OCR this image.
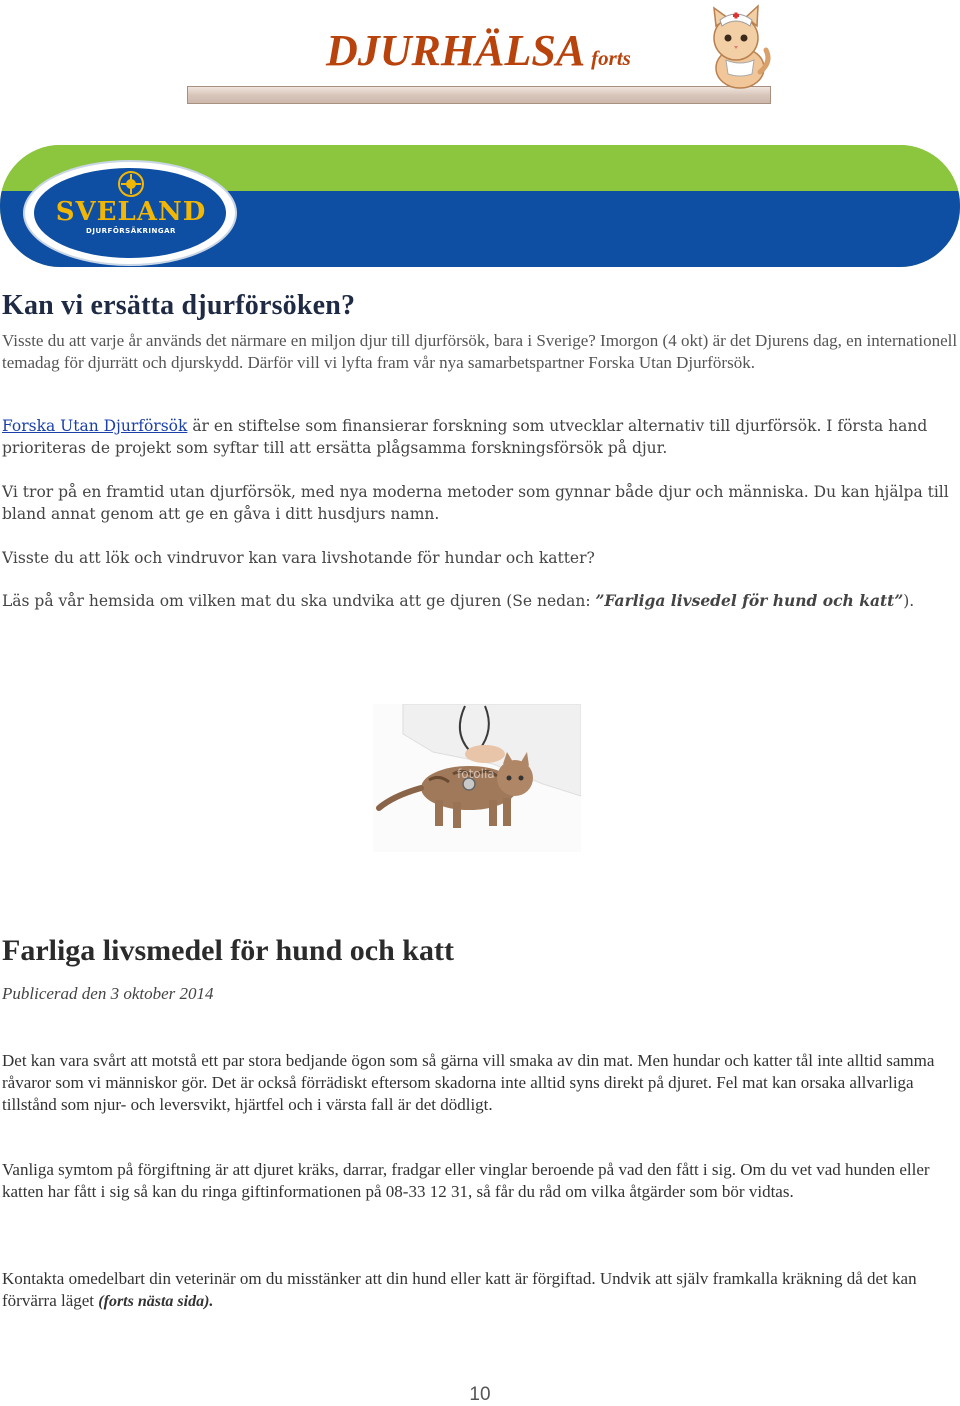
DJURHÄLSA forts
SVELAND
DJURFÖRSÄKRINGAR
Kan vi ersätta djurförsöken?
Visste du att varje år används det närmare en miljon djur till djurförsök, bara i Sverige? Imorgon (4 okt) är det Djurens dag, en internationell temadag för djurrätt och djurskydd. Därför vill vi lyfta fram vår nya samarbetspartner Forska Utan Djurförsök.
Forska Utan Djurförsök är en stiftelse som finansierar forskning som utvecklar alternativ till djurförsök. I första hand prioriteras de projekt som syftar till att ersätta plågsamma forskningsförsök på djur.
Vi tror på en framtid utan djurförsök, med nya moderna metoder som gynnar både djur och människa. Du kan hjälpa till bland annat genom att ge en gåva i ditt husdjurs namn.
Visste du att lök och vindruvor kan vara livshotande för hundar och katter?
Läs på vår hemsida om vilken mat du ska undvika att ge djuren (Se nedan: ”Farliga livsedel för hund och katt”).
fotolia
Farliga livsmedel för hund och katt
Publicerad den 3 oktober 2014
Det kan vara svårt att motstå ett par stora bedjande ögon som så gärna vill smaka av din mat. Men hundar och katter tål inte alltid samma råvaror som vi människor gör. Det är också förrädiskt eftersom skadorna inte alltid syns direkt på djuret. Fel mat kan orsaka allvarliga tillstånd som njur- och leversvikt, hjärtfel och i värsta fall är det dödligt.
Vanliga symtom på förgiftning är att djuret kräks, darrar, fradgar eller vinglar beroende på vad den fått i sig. Om du vet vad hunden eller katten har fått i sig så kan du ringa giftinformationen på 08-33 12 31, så får du råd om vilka åtgärder som bör vidtas.
Kontakta omedelbart din veterinär om du misstänker att din hund eller katt är förgiftad. Undvik att själv framkalla kräkning då det kan förvärra läget (forts nästa sida).
10
